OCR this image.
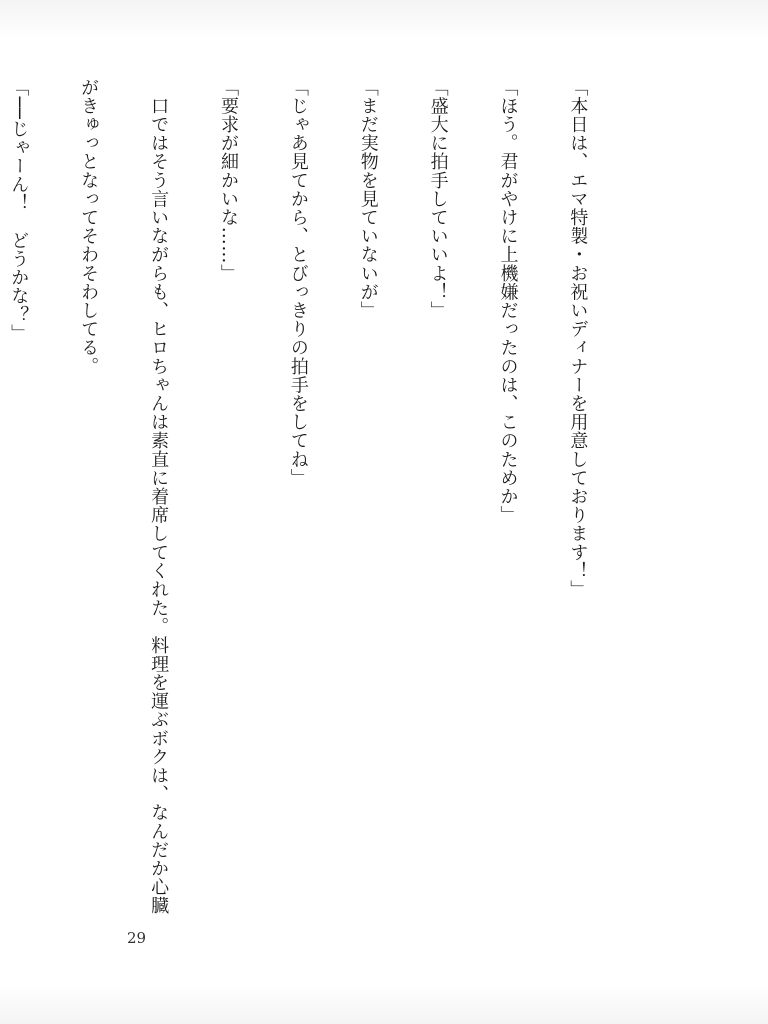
「本日は、エマ特製・お祝いディナーを用意しております！」

「ほう。君がやけに上機嫌だったのは、このためか」

「盛大に拍手していいよ！」

「まだ実物を見ていないが」

「じゃあ見てから、とびっきりの拍手をしてね」

「要求が細かいな……」

　口ではそう言いながらも、ヒロちゃんは素直に着席してくれた。料理を運ぶボクは、なんだか心臓

がきゅっとなってそわそわしてる。

「──じゃーん！　どうかな？」

29
